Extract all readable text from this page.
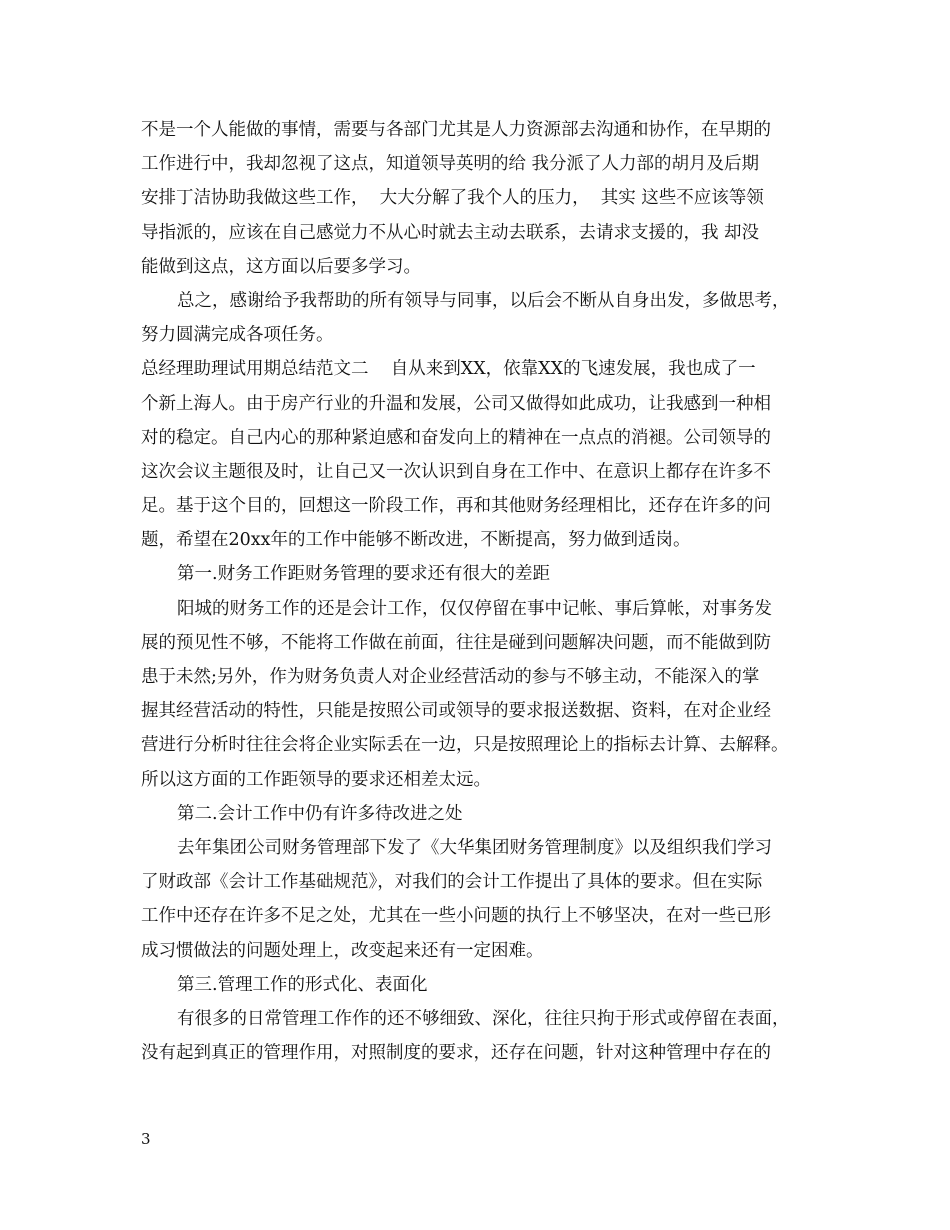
不是一个人能做的事情，需要与各部门尤其是人力资源部去沟通和协作，在早期的
工作进行中，我却忽视了这点，知道领导英明的给 我分派了人力部的胡月及后期
安排丁洁协助我做这些工作，  大大分解了我个人的压力，  其实 这些不应该等领
导指派的，应该在自己感觉力不从心时就去主动去联系，去请求支援的，我 却没
能做到这点，这方面以后要多学习。
总之，感谢给予我帮助的所有领导与同事，以后会不断从自身出发，多做思考，
努力圆满完成各项任务。
总经理助理试用期总结范文二    自从来到XX，依靠XX的飞速发展，我也成了一
个新上海人。由于房产行业的升温和发展，公司又做得如此成功，让我感到一种相
对的稳定。自己内心的那种紧迫感和奋发向上的精神在一点点的消褪。公司领导的
这次会议主题很及时，让自己又一次认识到自身在工作中、在意识上都存在许多不
足。基于这个目的，回想这一阶段工作，再和其他财务经理相比，还存在许多的问
题，希望在20xx年的工作中能够不断改进，不断提高，努力做到适岗。
第一.财务工作距财务管理的要求还有很大的差距
阳城的财务工作的还是会计工作，仅仅停留在事中记帐、事后算帐，对事务发
展的预见性不够，不能将工作做在前面，往往是碰到问题解决问题，而不能做到防
患于未然;另外，作为财务负责人对企业经营活动的参与不够主动，不能深入的掌
握其经营活动的特性，只能是按照公司或领导的要求报送数据、资料，在对企业经
营进行分析时往往会将企业实际丢在一边，只是按照理论上的指标去计算、去解释。
所以这方面的工作距领导的要求还相差太远。
第二.会计工作中仍有许多待改进之处
去年集团公司财务管理部下发了《大华集团财务管理制度》以及组织我们学习
了财政部《会计工作基础规范》，对我们的会计工作提出了具体的要求。但在实际
工作中还存在许多不足之处，尤其在一些小问题的执行上不够坚决，在对一些已形
成习惯做法的问题处理上，改变起来还有一定困难。
第三.管理工作的形式化、表面化
有很多的日常管理工作作的还不够细致、深化，往往只拘于形式或停留在表面，
没有起到真正的管理作用，对照制度的要求，还存在问题，针对这种管理中存在的
3
